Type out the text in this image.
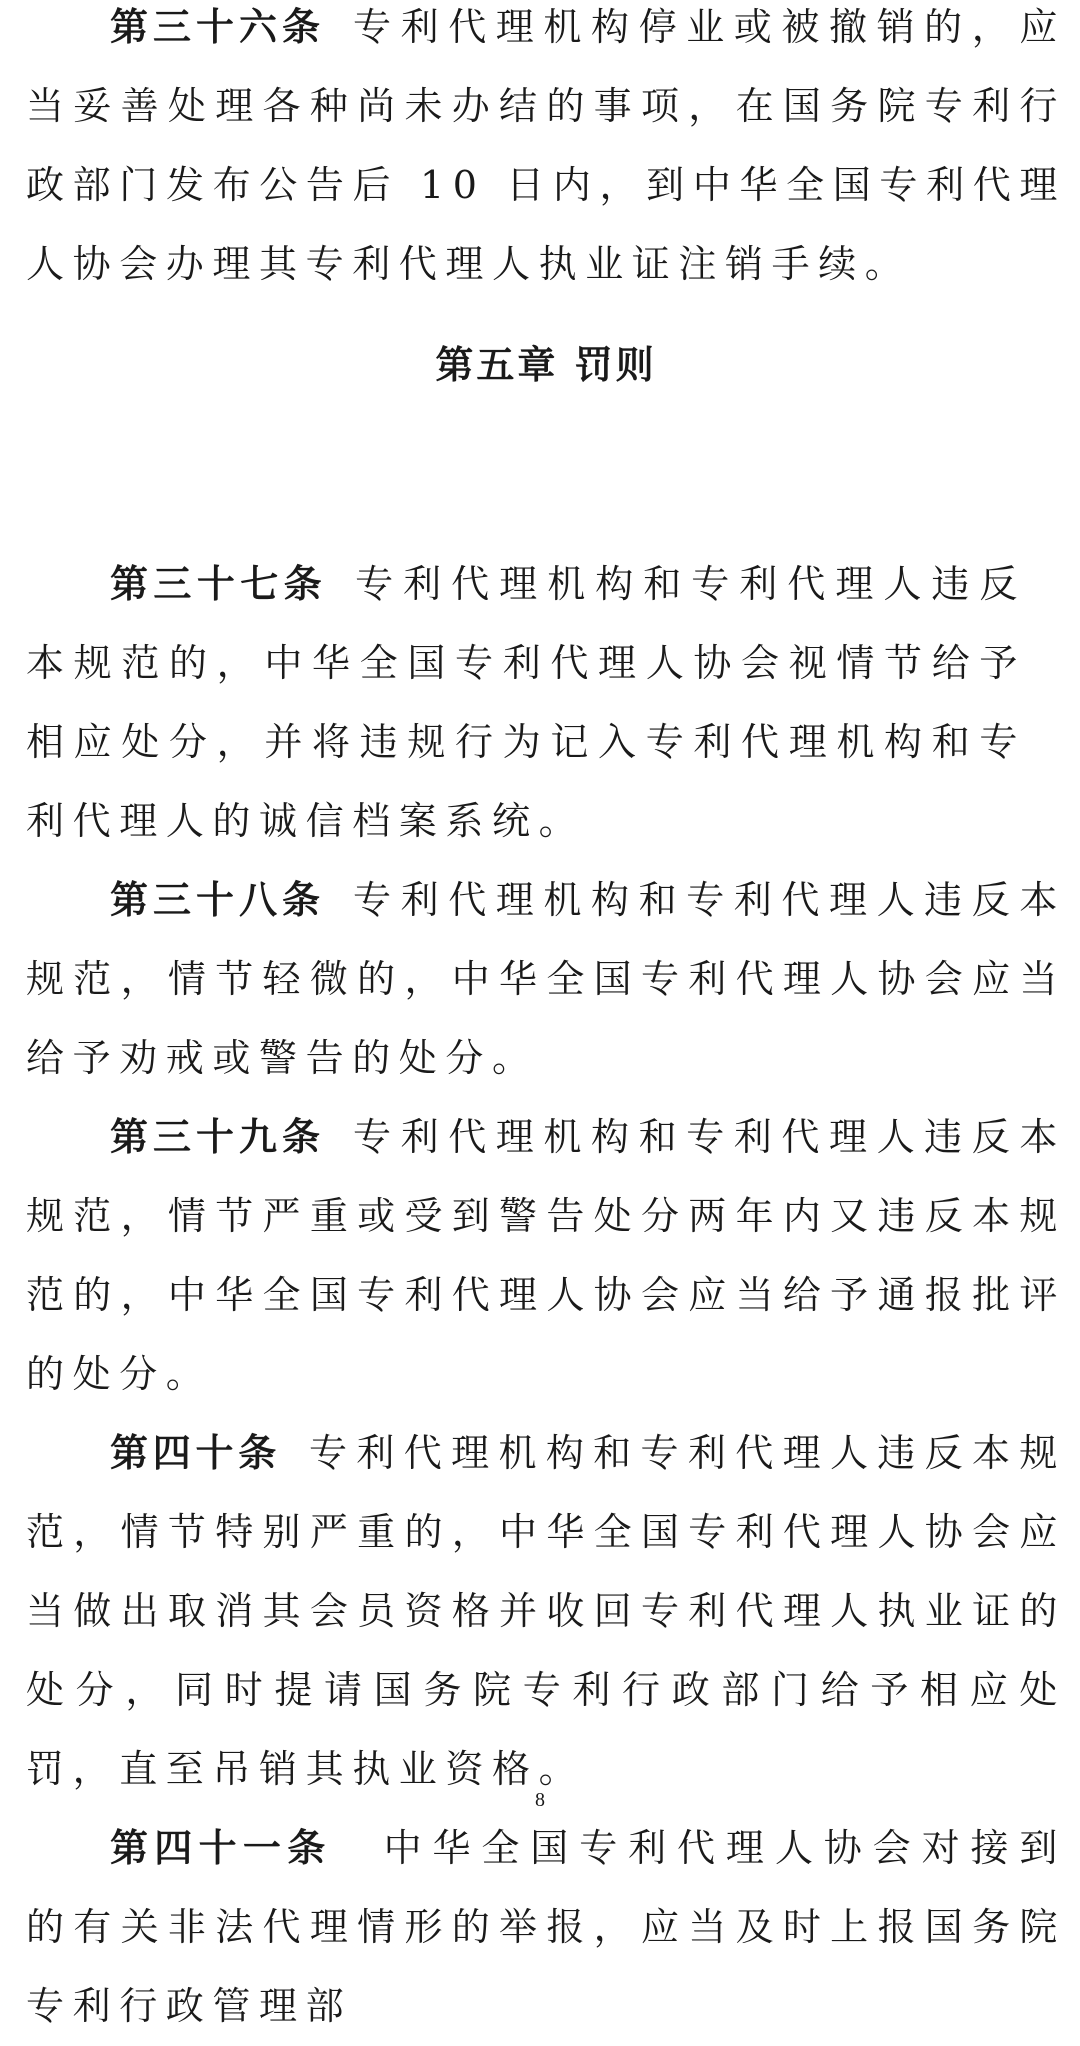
第三十六条 专利代理机构停业或被撤销的，应当妥善处理各种尚未办结的事项，在国务院专利行政部门发布公告后 10 日内，到中华全国专利代理人协会办理其专利代理人执业证注销手续。

第五章 罚则

第三十七条 专利代理机构和专利代理人违反本规范的，中华全国专利代理人协会视情节给予相应处分，并将违规行为记入专利代理机构和专利代理人的诚信档案系统。

第三十八条 专利代理机构和专利代理人违反本规范，情节轻微的，中华全国专利代理人协会应当给予劝戒或警告的处分。

第三十九条 专利代理机构和专利代理人违反本规范，情节严重或受到警告处分两年内又违反本规范的，中华全国专利代理人协会应当给予通报批评的处分。

第四十条 专利代理机构和专利代理人违反本规范，情节特别严重的，中华全国专利代理人协会应当做出取消其会员资格并收回专利代理人执业证的处分，同时提请国务院专利行政部门给予相应处罚，直至吊销其执业资格。

第四十一条 中华全国专利代理人协会对接到的有关非法代理情形的举报，应当及时上报国务院专利行政管理部

8
